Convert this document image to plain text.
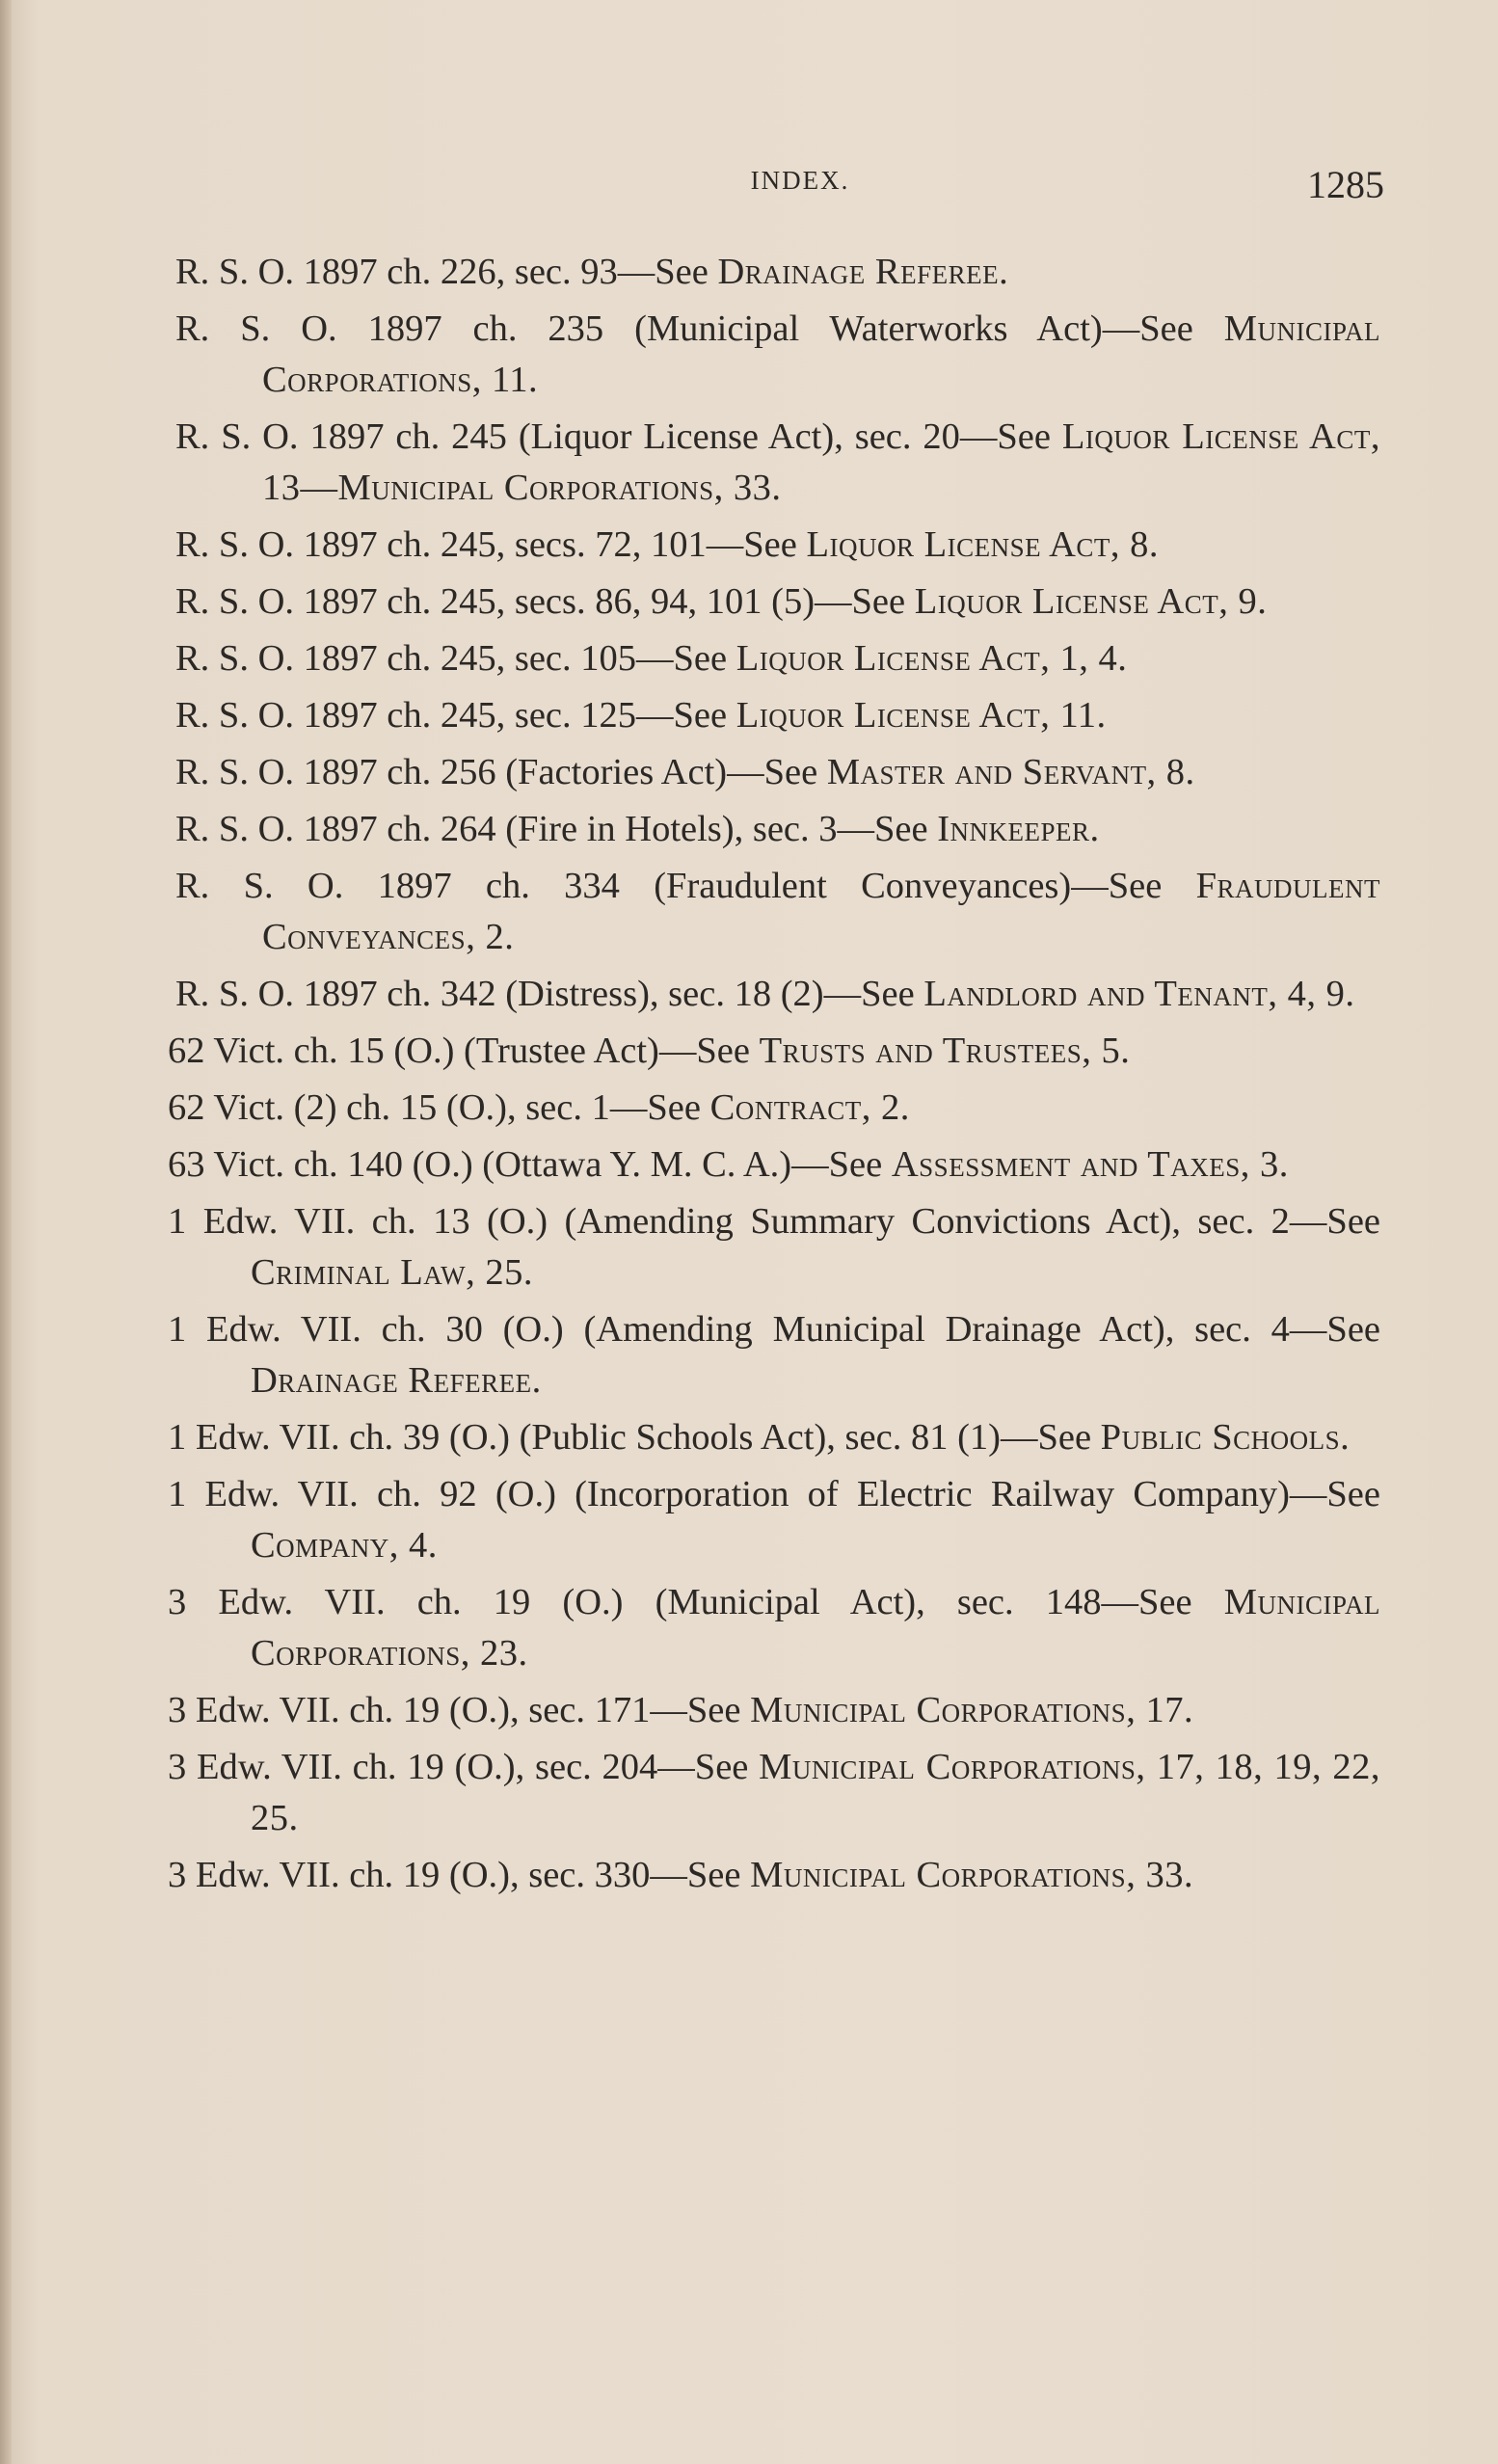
INDEX.	1285

R. S. O. 1897 ch. 226, sec. 93—See Drainage Referee.

R. S. O. 1897 ch. 235 (Municipal Waterworks Act)—See Municipal Corporations, 11.

R. S. O. 1897 ch. 245 (Liquor License Act), sec. 20—See Liquor License Act, 13—Municipal Corporations, 33.

R. S. O. 1897 ch. 245, secs. 72, 101—See Liquor License Act, 8.

R. S. O. 1897 ch. 245, secs. 86, 94, 101 (5)—See Liquor License Act, 9.

R. S. O. 1897 ch. 245, sec. 105—See Liquor License Act, 1, 4.

R. S. O. 1897 ch. 245, sec. 125—See Liquor License Act, 11.

R. S. O. 1897 ch. 256 (Factories Act)—See Master and Servant, 8.

R. S. O. 1897 ch. 264 (Fire in Hotels), sec. 3—See Innkeeper.

R. S. O. 1897 ch. 334 (Fraudulent Conveyances)—See Fraudulent Conveyances, 2.

R. S. O. 1897 ch. 342 (Distress), sec. 18 (2)—See Landlord and Tenant, 4, 9.

62 Vict. ch. 15 (O.) (Trustee Act)—See Trusts and Trustees, 5.

62 Vict. (2) ch. 15 (O.), sec. 1—See Contract, 2.

63 Vict. ch. 140 (O.) (Ottawa Y. M. C. A.)—See Assessment and Taxes, 3.

1 Edw. VII. ch. 13 (O.) (Amending Summary Convictions Act), sec. 2—See Criminal Law, 25.

1 Edw. VII. ch. 30 (O.) (Amending Municipal Drainage Act), sec. 4—See Drainage Referee.

1 Edw. VII. ch. 39 (O.) (Public Schools Act), sec. 81 (1)—See Public Schools.

1 Edw. VII. ch. 92 (O.) (Incorporation of Electric Railway Company)—See Company, 4.

3 Edw. VII. ch. 19 (O.) (Municipal Act), sec. 148—See Municipal Corporations, 23.

3 Edw. VII. ch. 19 (O.), sec. 171—See Municipal Corporations, 17.

3 Edw. VII. ch. 19 (O.), sec. 204—See Municipal Corporations, 17, 18, 19, 22, 25.

3 Edw. VII. ch. 19 (O.), sec. 330—See Municipal Corporations, 33.
